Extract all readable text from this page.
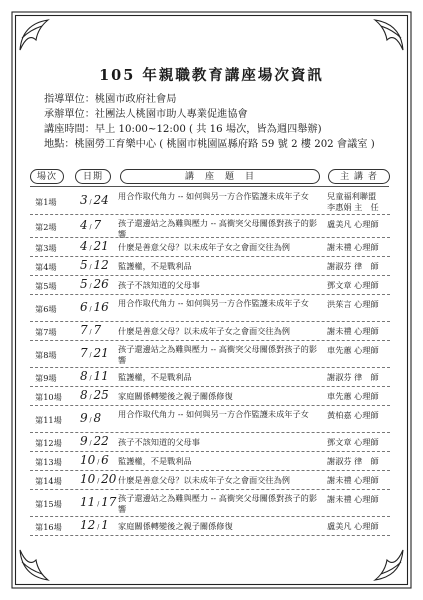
105 年親職教育講座場次資訊
指導單位：桃園市政府社會局
承辦單位：社團法人桃園市助人專業促進協會
講座時間：早上 10:00~12:00 ( 共 16 場次，皆為週四舉辦)
地點：桃園勞工育樂中心 ( 桃園市桃園區縣府路 59 號 2 樓 202 會議室 )
場次	日期	講　座　題　目	主 講 者
第1場	3 / 24	用合作取代角力 -- 如何與另一方合作監護未成年子女	兒童福利聯盟
李惠娟 主　任
第2場	4 / 7	孩子還邊站之為難與壓力 -- 高衝突父母關係對孩子的影響
盧美凡 心理師
第3場	4 / 21	什麼是善意父母？以未成年子女之會面交往為例	謝未禮 心理師
第4場	5 / 12	監護權，不是戰利品	謝淑芬 律　師
第5場	5 / 26	孩子不該知道的父母事	鄧文章 心理師
第6場	6 / 16	用合作取代角力 -- 如何與另一方合作監護未成年子女	洪茱言 心理師
第7場	7 / 7	什麼是善意父母？以未成年子女之會面交往為例	謝未禮 心理師
第8場	7 / 21	孩子還邊站之為難與壓力 -- 高衝突父母關係對孩子的影響
車先蕙 心理師
第9場	8 / 11	監護權，不是戰利品	謝淑芬 律　師
第10場	8 / 25	家庭關係轉變後之親子關係修復	車先蕙 心理師
第11場	9 / 8	用合作取代角力 -- 如何與另一方合作監護未成年子女	黃柏嘉 心理師
第12場	9 / 22	孩子不該知道的父母事	鄧文章 心理師
第13場	10 / 6	監護權，不是戰利品	謝淑芬 律　師
第14場	10 / 20 什麼是善意父母？以未成年子女之會面交往為例	謝未禮 心理師
第15場	11 / 17 孩子還邊站之為難與壓力 -- 高衝突父母關係對孩子的影響
謝未禮 心理師
第16場	12 / 1	家庭關係轉變後之親子關係修復	盧美凡 心理師
